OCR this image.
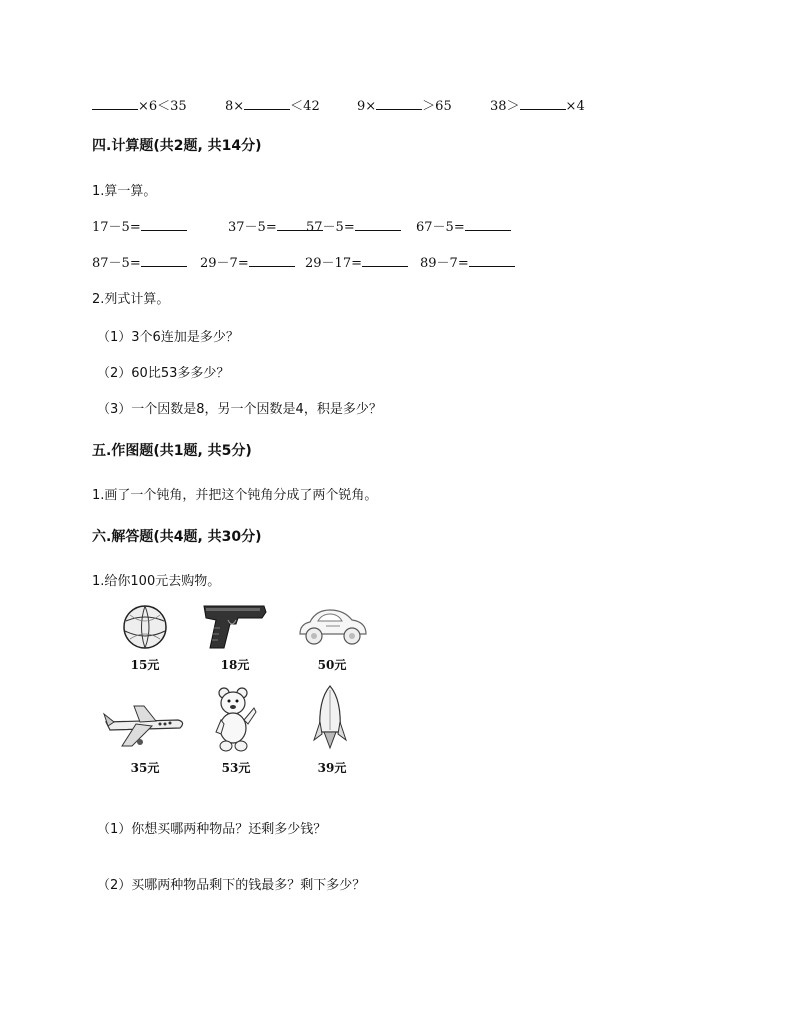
×6＜35	8×	＜42	9×	＞65	38＞	×4
四.计算题(共2题, 共14分)
1.算一算。
17－5=	37－5=	57－5=	67－5=
87－5=	29－7=	29－17=	89－7=
2.列式计算。
（1）3个6连加是多少？
（2）60比53多多少？
（3）一个因数是8，另一个因数是4，积是多少？
五.作图题(共1题, 共5分)
1.画了一个钝角，并把这个钝角分成了两个锐角。
六.解答题(共4题, 共30分)
1.给你100元去购物。
15元	18元	50元
35元	53元	39元
（1）你想买哪两种物品？还剩多少钱？
（2）买哪两种物品剩下的钱最多？剩下多少？
